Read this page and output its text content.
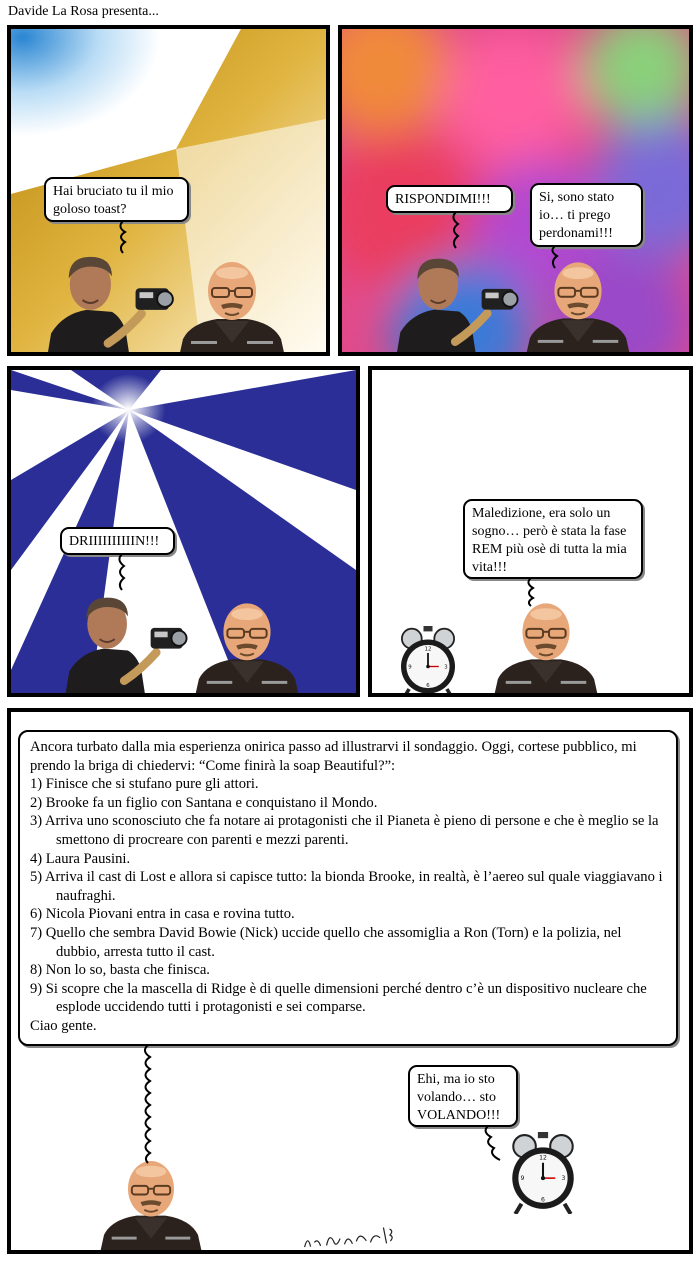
Davide La Rosa presenta...
Hai bruciato tu il mio goloso toast?
RISPONDIMI!!!	Si, sono stato io… ti prego perdonami!!!
DRIIIIIIIIIIN!!!
Maledizione, era solo un sogno… però è stata la fase REM più osè di tutta la mia vita!!!

Ancora turbato dalla mia esperienza onirica passo ad illustrarvi il sondaggio. Oggi, cortese pubblico, mi prendo la briga di chiedervi: “Come finirà la soap Beautiful?”:

1) Finisce che si stufano pure gli attori.
2) Brooke fa un figlio con Santana e conquistano il Mondo.
3) Arriva uno sconosciuto che fa notare ai protagonisti che il Pianeta è pieno di persone e che è meglio se la smettono di procreare con parenti e mezzi parenti.
4) Laura Pausini.
5) Arriva il cast di Lost e allora si capisce tutto: la bionda Brooke, in realtà, è l’aereo sul quale viaggiavano i naufraghi.
6) Nicola Piovani entra in casa e rovina tutto.
7) Quello che sembra David Bowie (Nick) uccide quello che assomiglia a Ron (Torn) e la polizia, nel dubbio, arresta tutto il cast.
8) Non lo so, basta che finisca.
9) Si scopre che la mascella di Ridge è di quelle dimensioni perché dentro c’è un dispositivo nucleare che esplode uccidendo tutti i protagonisti e sei comparse.

Ciao gente.

Ehi, ma io sto volando… sto VOLANDO!!!
